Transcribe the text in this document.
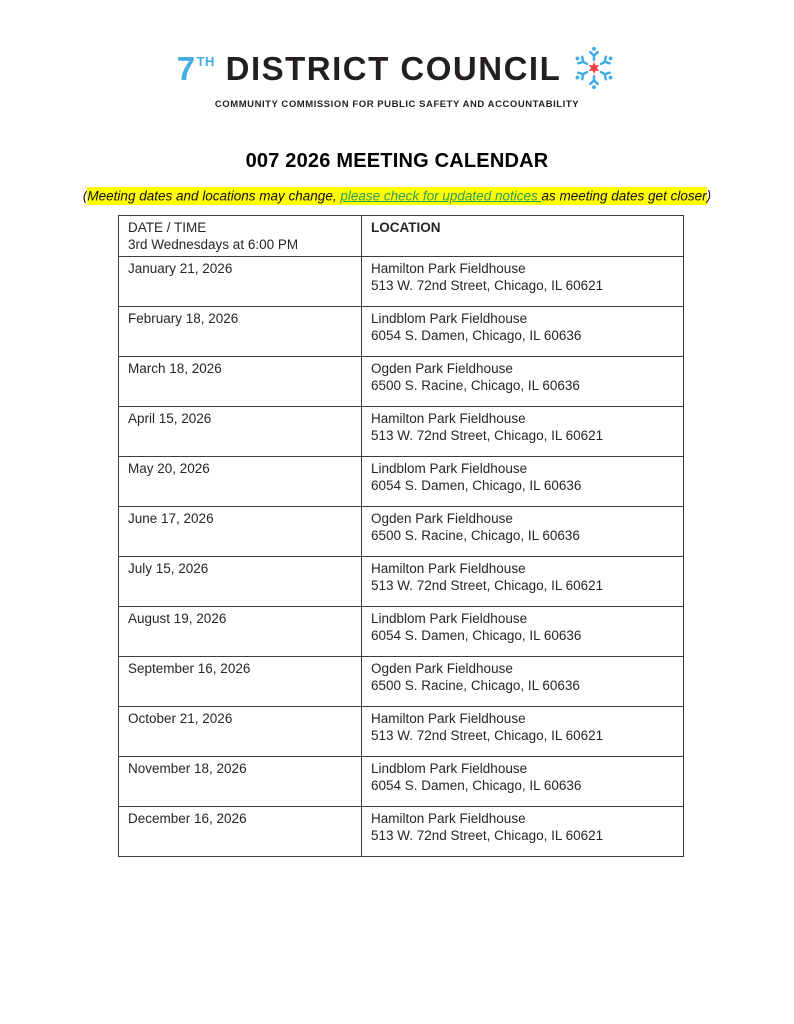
7TH DISTRICT COUNCIL
COMMUNITY COMMISSION FOR PUBLIC SAFETY AND ACCOUNTABILITY
007 2026 MEETING CALENDAR
(Meeting dates and locations may change, please check for updated notices as meeting dates get closer)
DATE / TIME
3rd Wednesdays at 6:00 PM	LOCATION
January 21, 2026	Hamilton Park Fieldhouse
513 W. 72nd Street, Chicago, IL 60621

February 18, 2026	Lindblom Park Fieldhouse
6054 S. Damen, Chicago, IL 60636

March 18, 2026	Ogden Park Fieldhouse
6500 S. Racine, Chicago, IL 60636

April 15, 2026	Hamilton Park Fieldhouse
513 W. 72nd Street, Chicago, IL 60621

May 20, 2026	Lindblom Park Fieldhouse
6054 S. Damen, Chicago, IL 60636

June 17, 2026	Ogden Park Fieldhouse
6500 S. Racine, Chicago, IL 60636

July 15, 2026	Hamilton Park Fieldhouse
513 W. 72nd Street, Chicago, IL 60621

August 19, 2026	Lindblom Park Fieldhouse
6054 S. Damen, Chicago, IL 60636

September 16, 2026	Ogden Park Fieldhouse
6500 S. Racine, Chicago, IL 60636

October 21, 2026	Hamilton Park Fieldhouse
513 W. 72nd Street, Chicago, IL 60621

November 18, 2026	Lindblom Park Fieldhouse
6054 S. Damen, Chicago, IL 60636

December 16, 2026	Hamilton Park Fieldhouse
513 W. 72nd Street, Chicago, IL 60621
